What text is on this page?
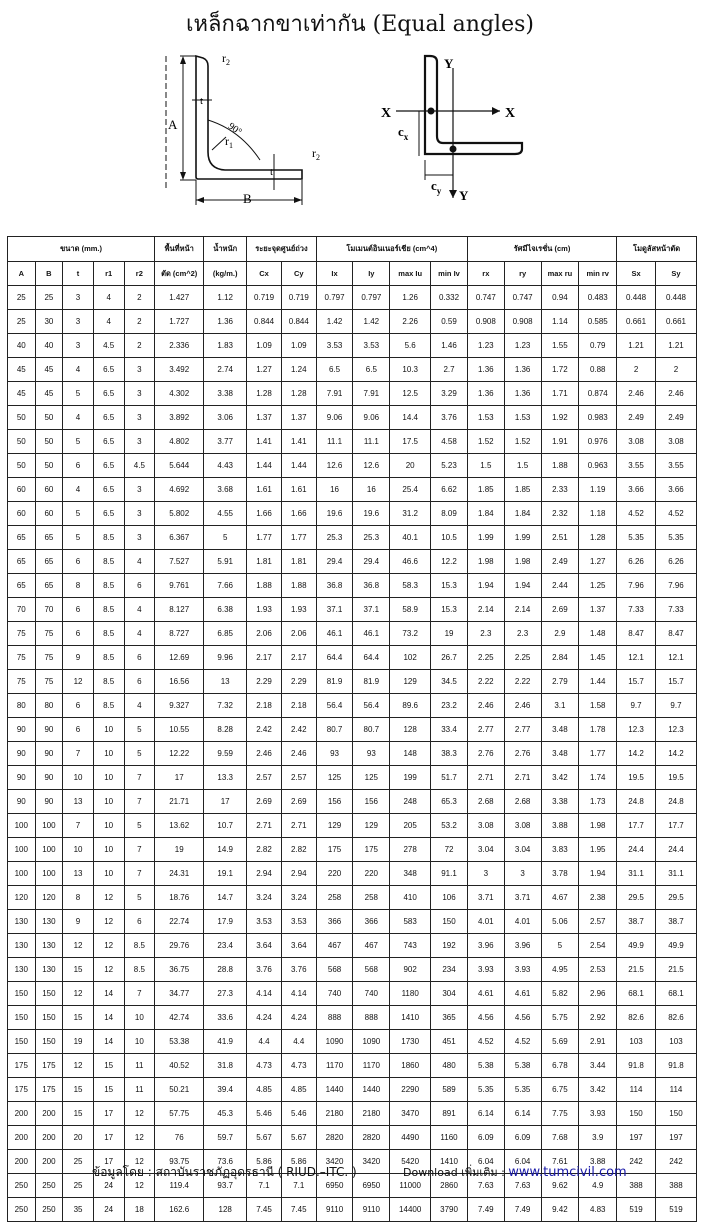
เหล็กฉากขาเท่ากัน (Equal angles)
A
B
t
t
$r_1$
$r_2$
$r_2$
90°
X	X
Y
Y
$c_x$
$c_y$
ขนาด (mm.)					พื้นที่หน้า	น้ำหนัก	ระยะจุดศูนย์ถ่วง		โมเมนต์อินเนอร์เชีย (cm^4)				รัศมีไจเรชั่น (cm)				โมดูลัสหน้าตัด	
A	B	t	r1	r2	ตัด (cm^2)	(kg/m.)	Cx	Cy	Ix	Iy	max Iu	min Iv	rx	ry	max ru	min rv	Sx	Sy
25	25	3	4	2	1.427	1.12	0.719	0.719	0.797	0.797	1.26	0.332	0.747	0.747	0.94	0.483	0.448	0.448
25	30	3	4	2	1.727	1.36	0.844	0.844	1.42	1.42	2.26	0.59	0.908	0.908	1.14	0.585	0.661	0.661
40	40	3	4.5	2	2.336	1.83	1.09	1.09	3.53	3.53	5.6	1.46	1.23	1.23	1.55	0.79	1.21	1.21
45	45	4	6.5	3	3.492	2.74	1.27	1.24	6.5	6.5	10.3	2.7	1.36	1.36	1.72	0.88	2	2
45	45	5	6.5	3	4.302	3.38	1.28	1.28	7.91	7.91	12.5	3.29	1.36	1.36	1.71	0.874	2.46	2.46
50	50	4	6.5	3	3.892	3.06	1.37	1.37	9.06	9.06	14.4	3.76	1.53	1.53	1.92	0.983	2.49	2.49
50	50	5	6.5	3	4.802	3.77	1.41	1.41	11.1	11.1	17.5	4.58	1.52	1.52	1.91	0.976	3.08	3.08
50	50	6	6.5	4.5	5.644	4.43	1.44	1.44	12.6	12.6	20	5.23	1.5	1.5	1.88	0.963	3.55	3.55
60	60	4	6.5	3	4.692	3.68	1.61	1.61	16	16	25.4	6.62	1.85	1.85	2.33	1.19	3.66	3.66
60	60	5	6.5	3	5.802	4.55	1.66	1.66	19.6	19.6	31.2	8.09	1.84	1.84	2.32	1.18	4.52	4.52
65	65	5	8.5	3	6.367	5	1.77	1.77	25.3	25.3	40.1	10.5	1.99	1.99	2.51	1.28	5.35	5.35
65	65	6	8.5	4	7.527	5.91	1.81	1.81	29.4	29.4	46.6	12.2	1.98	1.98	2.49	1.27	6.26	6.26
65	65	8	8.5	6	9.761	7.66	1.88	1.88	36.8	36.8	58.3	15.3	1.94	1.94	2.44	1.25	7.96	7.96
70	70	6	8.5	4	8.127	6.38	1.93	1.93	37.1	37.1	58.9	15.3	2.14	2.14	2.69	1.37	7.33	7.33
75	75	6	8.5	4	8.727	6.85	2.06	2.06	46.1	46.1	73.2	19	2.3	2.3	2.9	1.48	8.47	8.47
75	75	9	8.5	6	12.69	9.96	2.17	2.17	64.4	64.4	102	26.7	2.25	2.25	2.84	1.45	12.1	12.1
75	75	12	8.5	6	16.56	13	2.29	2.29	81.9	81.9	129	34.5	2.22	2.22	2.79	1.44	15.7	15.7
80	80	6	8.5	4	9.327	7.32	2.18	2.18	56.4	56.4	89.6	23.2	2.46	2.46	3.1	1.58	9.7	9.7
90	90	6	10	5	10.55	8.28	2.42	2.42	80.7	80.7	128	33.4	2.77	2.77	3.48	1.78	12.3	12.3
90	90	7	10	5	12.22	9.59	2.46	2.46	93	93	148	38.3	2.76	2.76	3.48	1.77	14.2	14.2
90	90	10	10	7	17	13.3	2.57	2.57	125	125	199	51.7	2.71	2.71	3.42	1.74	19.5	19.5
90	90	13	10	7	21.71	17	2.69	2.69	156	156	248	65.3	2.68	2.68	3.38	1.73	24.8	24.8
100	100	7	10	5	13.62	10.7	2.71	2.71	129	129	205	53.2	3.08	3.08	3.88	1.98	17.7	17.7
100	100	10	10	7	19	14.9	2.82	2.82	175	175	278	72	3.04	3.04	3.83	1.95	24.4	24.4
100	100	13	10	7	24.31	19.1	2.94	2.94	220	220	348	91.1	3	3	3.78	1.94	31.1	31.1
120	120	8	12	5	18.76	14.7	3.24	3.24	258	258	410	106	3.71	3.71	4.67	2.38	29.5	29.5
130	130	9	12	6	22.74	17.9	3.53	3.53	366	366	583	150	4.01	4.01	5.06	2.57	38.7	38.7
130	130	12	12	8.5	29.76	23.4	3.64	3.64	467	467	743	192	3.96	3.96	5	2.54	49.9	49.9
130	130	15	12	8.5	36.75	28.8	3.76	3.76	568	568	902	234	3.93	3.93	4.95	2.53	21.5	21.5
150	150	12	14	7	34.77	27.3	4.14	4.14	740	740	1180	304	4.61	4.61	5.82	2.96	68.1	68.1
150	150	15	14	10	42.74	33.6	4.24	4.24	888	888	1410	365	4.56	4.56	5.75	2.92	82.6	82.6
150	150	19	14	10	53.38	41.9	4.4	4.4	1090	1090	1730	451	4.52	4.52	5.69	2.91	103	103
175	175	12	15	11	40.52	31.8	4.73	4.73	1170	1170	1860	480	5.38	5.38	6.78	3.44	91.8	91.8
175	175	15	15	11	50.21	39.4	4.85	4.85	1440	1440	2290	589	5.35	5.35	6.75	3.42	114	114
200	200	15	17	12	57.75	45.3	5.46	5.46	2180	2180	3470	891	6.14	6.14	7.75	3.93	150	150
200	200	20	17	12	76	59.7	5.67	5.67	2820	2820	4490	1160	6.09	6.09	7.68	3.9	197	197
200	200	25	17	12	93.75	73.6	5.86	5.86	3420	3420	5420	1410	6.04	6.04	7.61	3.88	242	242
250	250	25	24	12	119.4	93.7	7.1	7.1	6950	6950	11000	2860	7.63	7.63	9.62	4.9	388	388
250	250	35	24	18	162.6	128	7.45	7.45	9110	9110	14400	3790	7.49	7.49	9.42	4.83	519	519
ข้อมูลโดย : สถาบันราชภัฏอุดรธานี ( RIUD.–ITC. )	Download เพิ่มเติม : www.tumcivil.com
